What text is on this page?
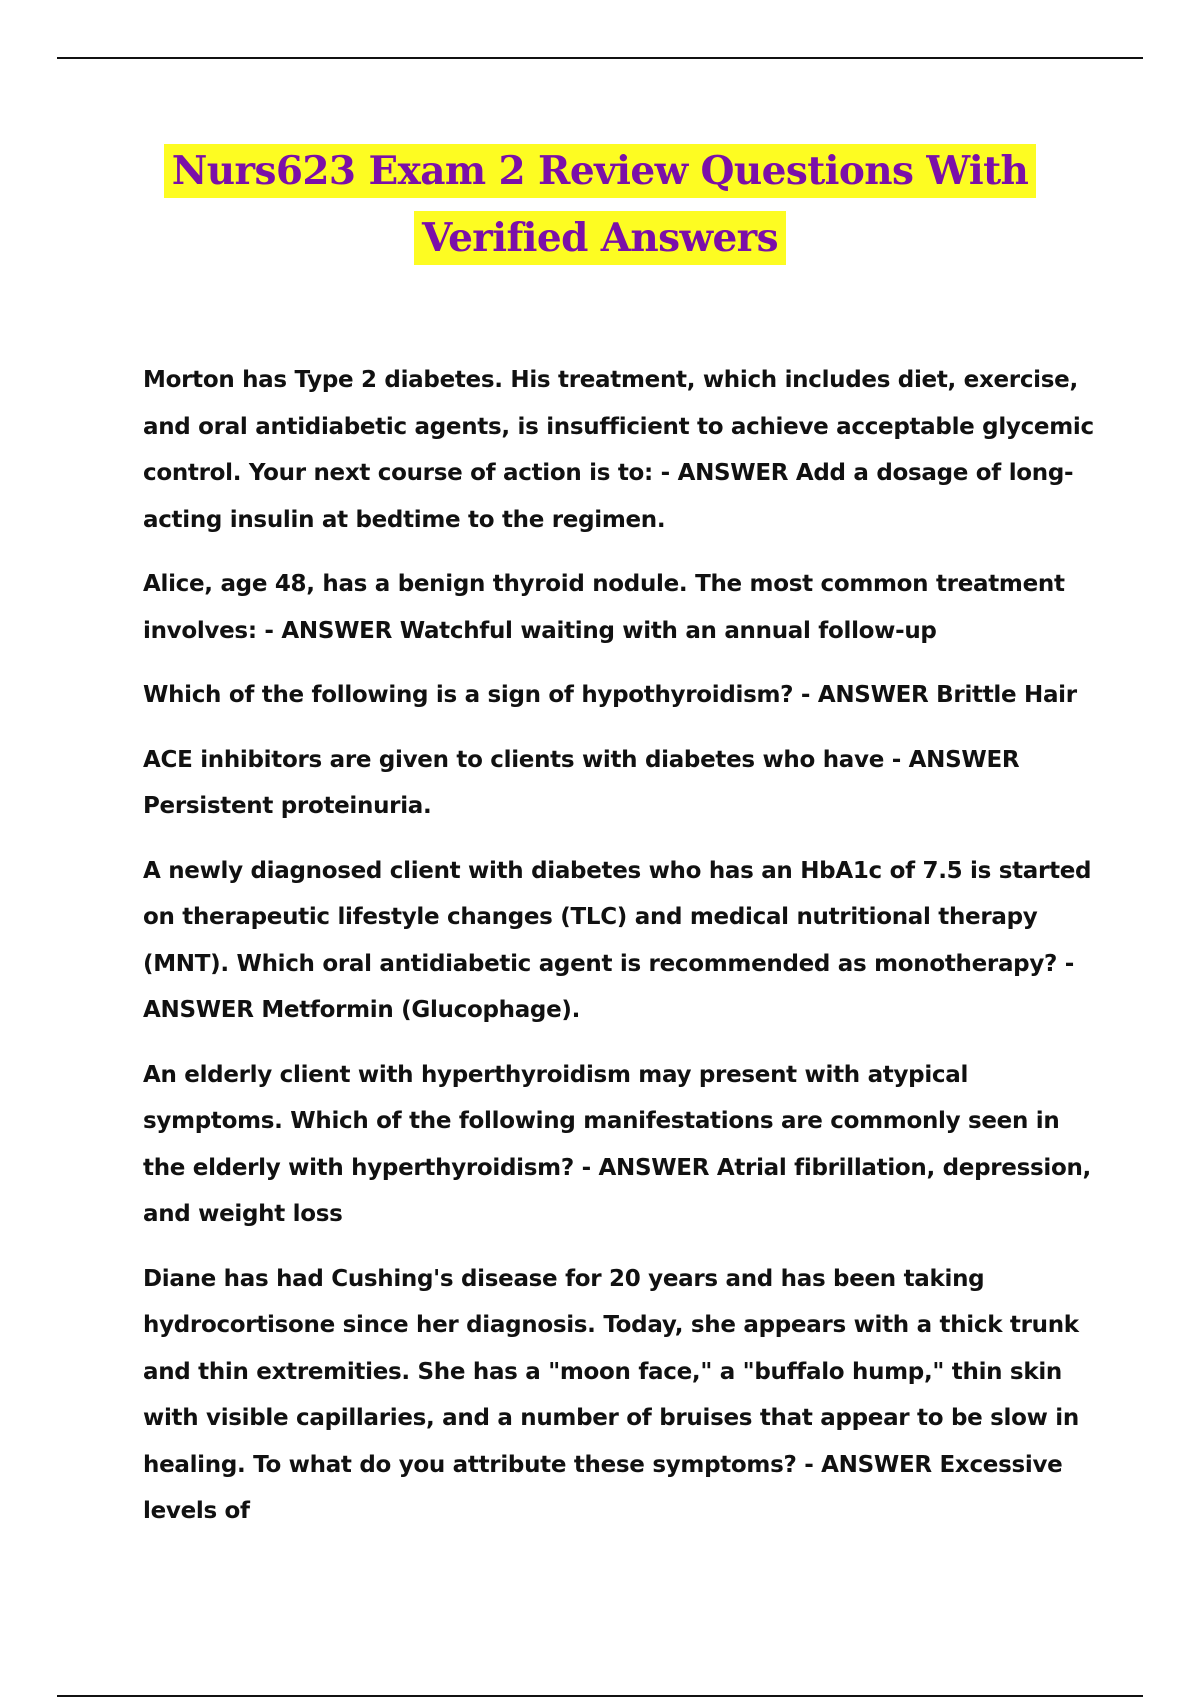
Nurs623 Exam 2 Review Questions With
Verified Answers

Morton has Type 2 diabetes. His treatment, which includes diet, exercise, and oral antidiabetic agents, is insufficient to achieve acceptable glycemic control. Your next course of action is to: - ANSWER Add a dosage of long-acting insulin at bedtime to the regimen.

Alice, age 48, has a benign thyroid nodule. The most common treatment involves: - ANSWER Watchful waiting with an annual follow-up

Which of the following is a sign of hypothyroidism? - ANSWER Brittle Hair

ACE inhibitors are given to clients with diabetes who have - ANSWER Persistent proteinuria.

A newly diagnosed client with diabetes who has an HbA1c of 7.5 is started on therapeutic lifestyle changes (TLC) and medical nutritional therapy (MNT). Which oral antidiabetic agent is recommended as monotherapy? - ANSWER Metformin (Glucophage).

An elderly client with hyperthyroidism may present with atypical symptoms. Which of the following manifestations are commonly seen in the elderly with hyperthyroidism? - ANSWER Atrial fibrillation, depression, and weight loss

Diane has had Cushing's disease for 20 years and has been taking hydrocortisone since her diagnosis. Today, she appears with a thick trunk and thin extremities. She has a "moon face," a "buffalo hump," thin skin with visible capillaries, and a number of bruises that appear to be slow in healing. To what do you attribute these symptoms? - ANSWER Excessive levels of
